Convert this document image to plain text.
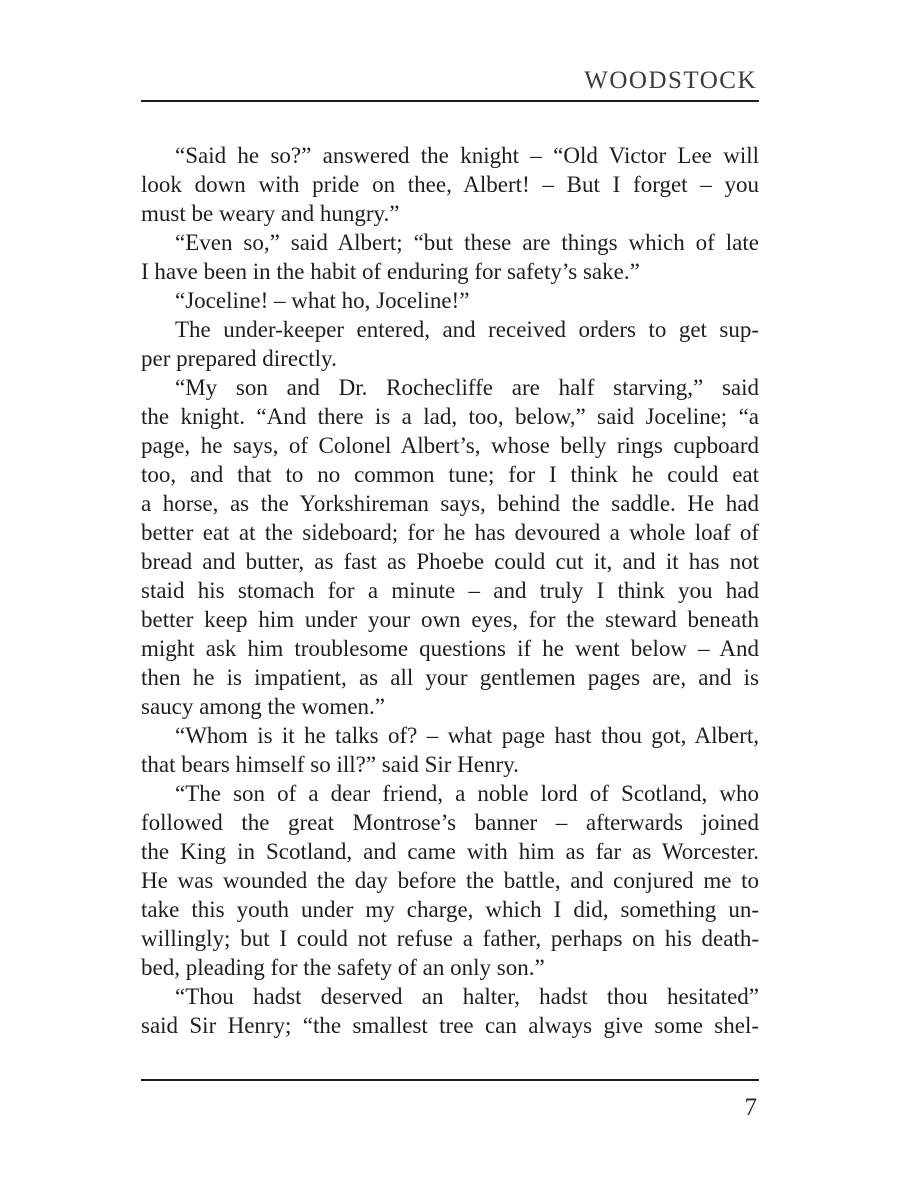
WOODSTOCK
“Said he so?” answered the knight – “Old Victor Lee will
look down with pride on thee, Albert! – But I forget – you
must be weary and hungry.”
“Even so,” said Albert; “but these are things which of late
I have been in the habit of enduring for safety’s sake.”
“Joceline! – what ho, Joceline!”
The under-keeper entered, and received orders to get sup-
per prepared directly.
“My son and Dr. Rochecliffe are half starving,” said
the knight. “And there is a lad, too, below,” said Joceline; “a
page, he says, of Colonel Albert’s, whose belly rings cupboard
too, and that to no common tune; for I think he could eat
a horse, as the Yorkshireman says, behind the saddle. He had
better eat at the sideboard; for he has devoured a whole loaf of
bread and butter, as fast as Phoebe could cut it, and it has not
staid his stomach for a minute – and truly I think you had
better keep him under your own eyes, for the steward beneath
might ask him troublesome questions if he went below – And
then he is impatient, as all your gentlemen pages are, and is
saucy among the women.”
“Whom is it he talks of? – what page hast thou got, Albert,
that bears himself so ill?” said Sir Henry.
“The son of a dear friend, a noble lord of Scotland, who
followed the great Montrose’s banner – afterwards joined
the King in Scotland, and came with him as far as Worcester.
He was wounded the day before the battle, and conjured me to
take this youth under my charge, which I did, something un-
willingly; but I could not refuse a father, perhaps on his death-
bed, pleading for the safety of an only son.”
“Thou hadst deserved an halter, hadst thou hesitated”
said Sir Henry; “the smallest tree can always give some shel-
7
